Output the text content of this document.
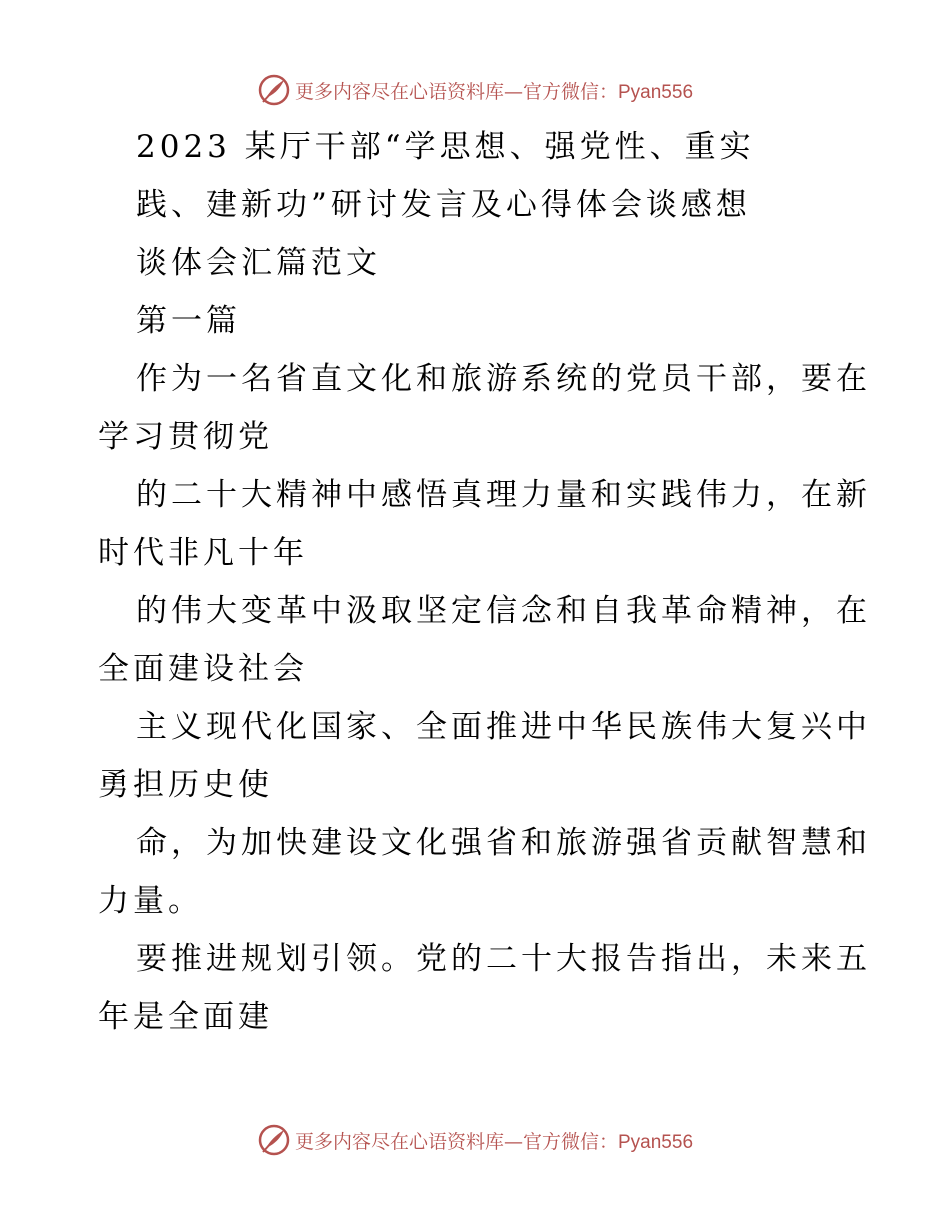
更多内容尽在心语资料库—官方微信：Pyan556
2023 某厅干部“学思想、强党性、重实
践、建新功”研讨发言及心得体会谈感想
谈体会汇篇范文
第一篇
作为一名省直文化和旅游系统的党员干部，要在
学习贯彻党
的二十大精神中感悟真理力量和实践伟力，在新
时代非凡十年
的伟大变革中汲取坚定信念和自我革命精神，在
全面建设社会
主义现代化国家、全面推进中华民族伟大复兴中
勇担历史使
命，为加快建设文化强省和旅游强省贡献智慧和
力量。
要推进规划引领。党的二十大报告指出，未来五
年是全面建
更多内容尽在心语资料库—官方微信：Pyan556
